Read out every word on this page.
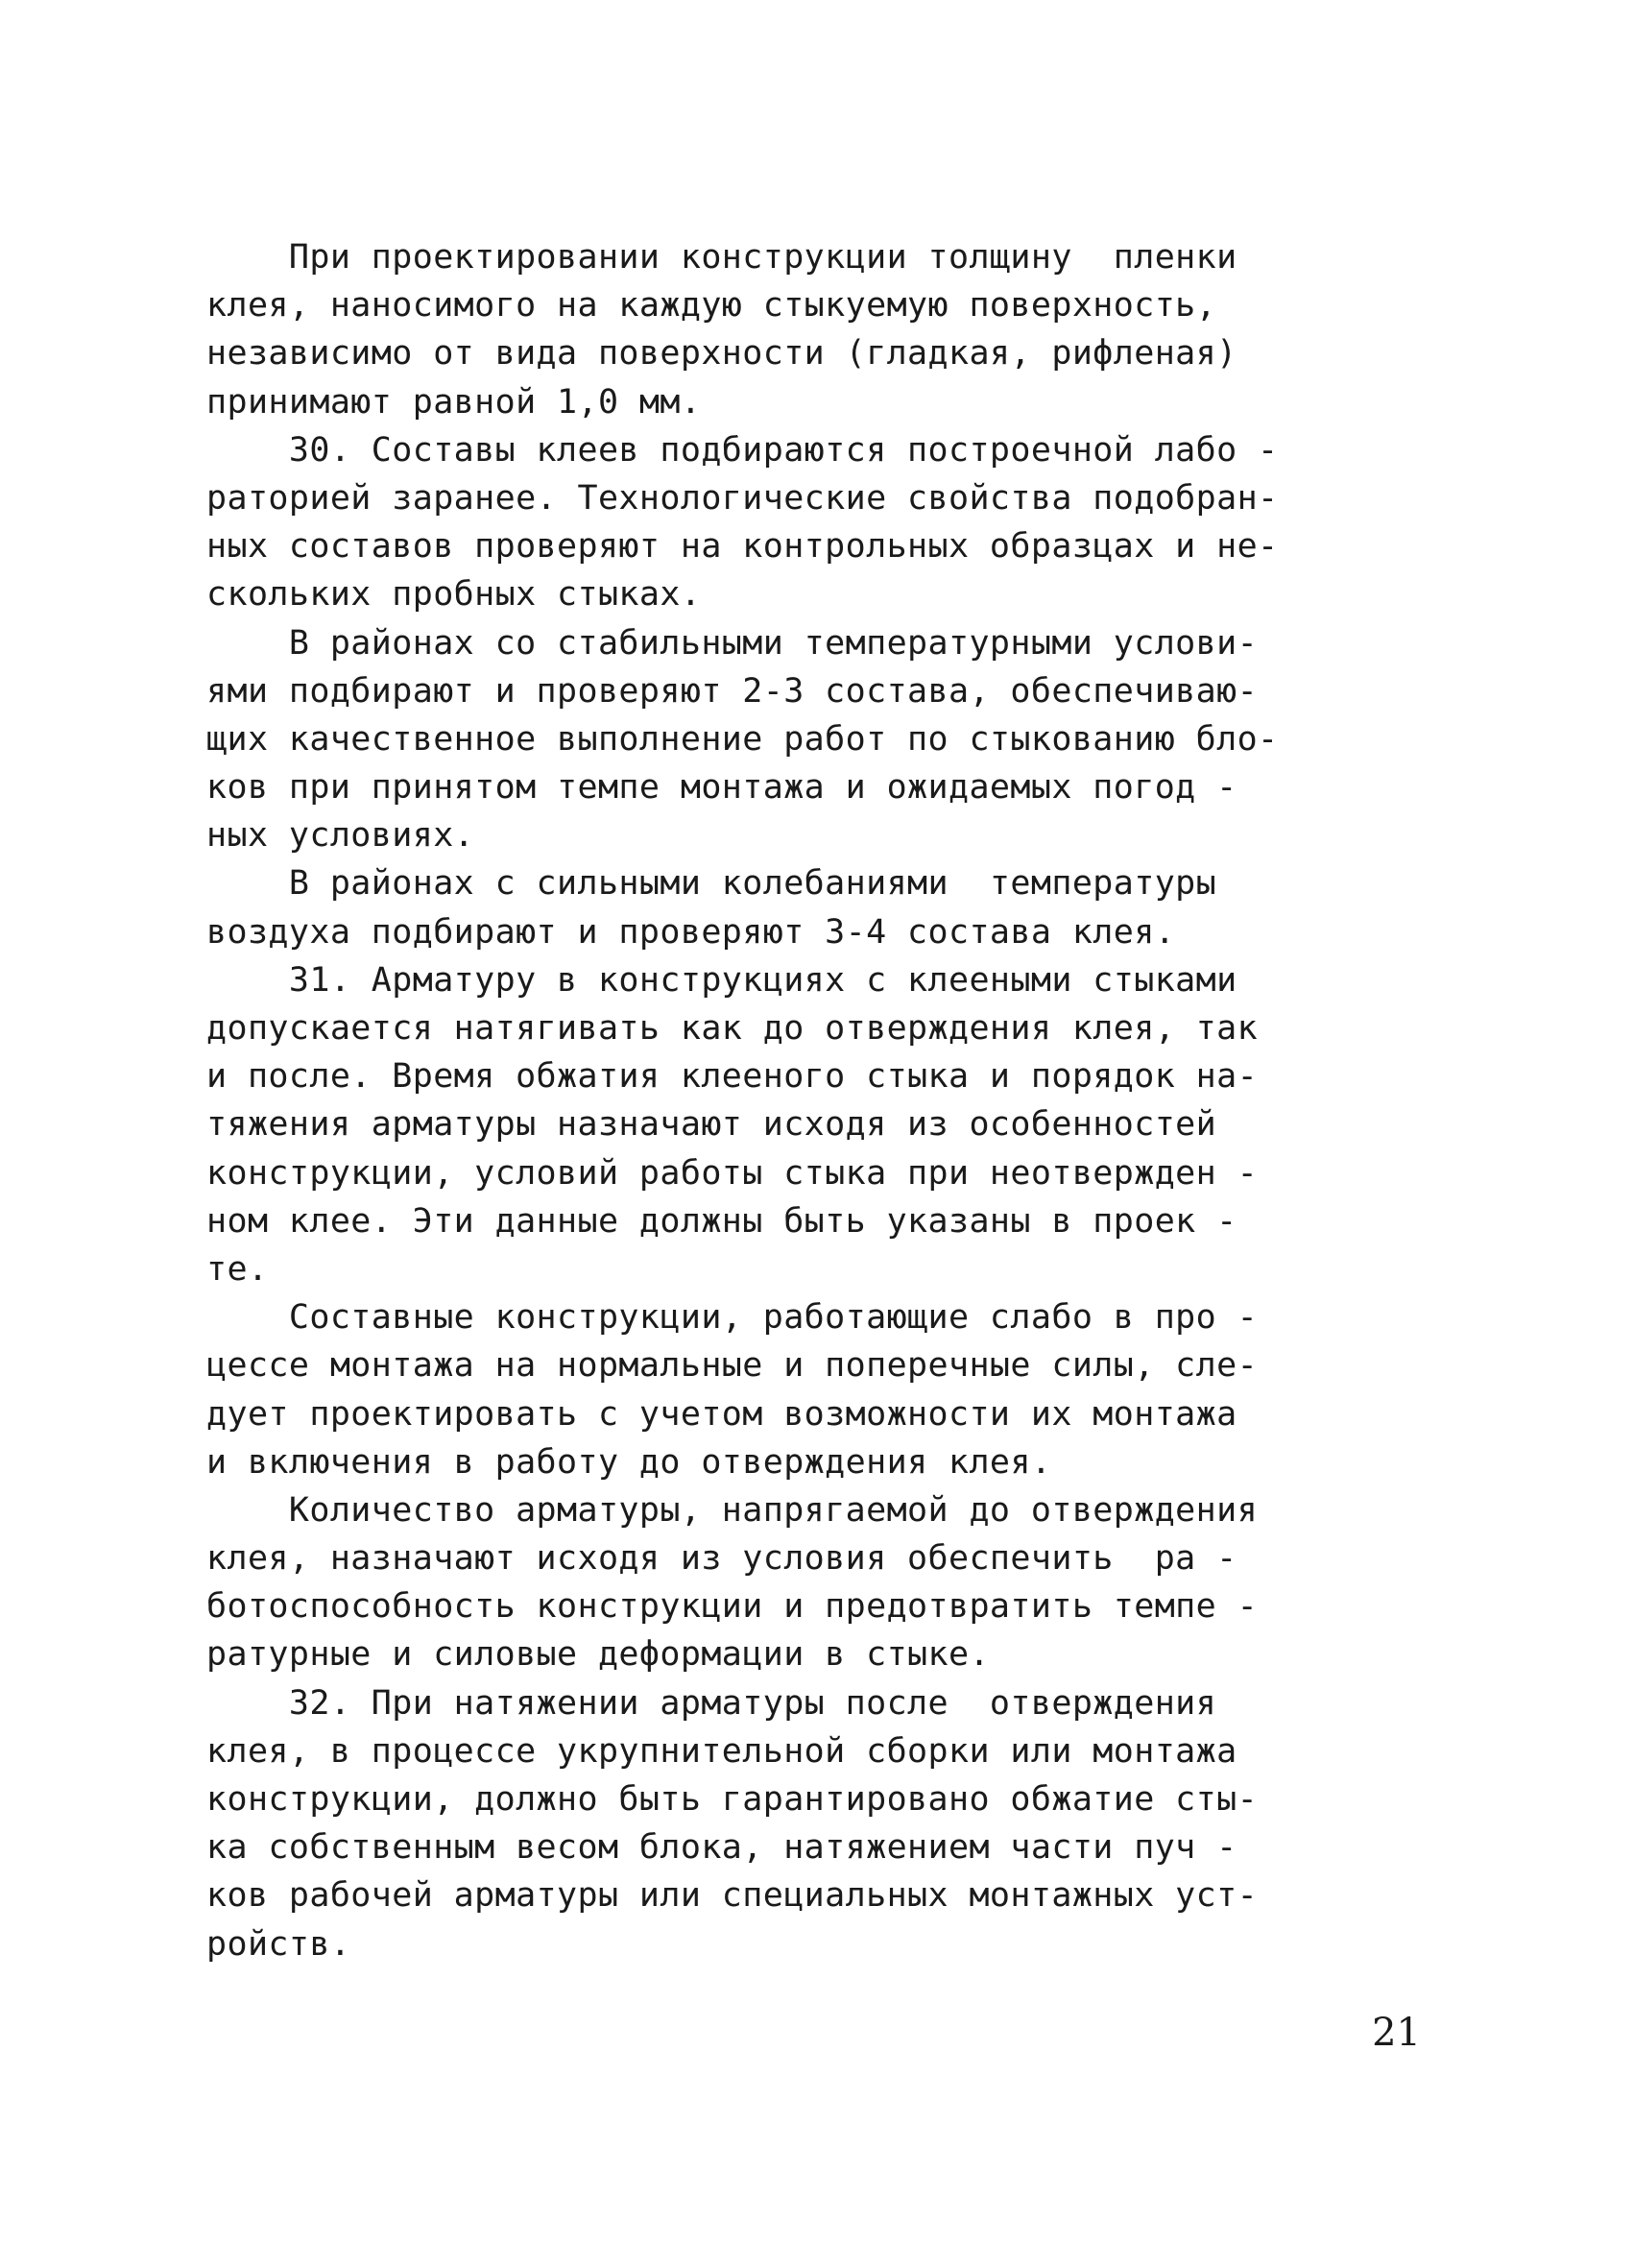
При проектировании конструкции толщину  пленки
клея, наносимого на каждую стыкуемую поверхность,
независимо от вида поверхности (гладкая, рифленая)
принимают равной 1,0 мм.
30. Составы клеев подбираются построечной лабо -
раторией заранее. Технологические свойства подобран-
ных составов проверяют на контрольных образцах и не-
скольких пробных стыках.
В районах со стабильными температурными услови-
ями подбирают и проверяют 2-3 состава, обеспечиваю-
щих качественное выполнение работ по стыкованию бло-
ков при принятом темпе монтажа и ожидаемых погод -
ных условиях.
В районах с сильными колебаниями  температуры
воздуха подбирают и проверяют 3-4 состава клея.
31. Арматуру в конструкциях с клееными стыками
допускается натягивать как до отверждения клея, так
и после. Время обжатия клееного стыка и порядок на-
тяжения арматуры назначают исходя из особенностей
конструкции, условий работы стыка при неотвержден -
ном клее. Эти данные должны быть указаны в проек -
те.
Составные конструкции, работающие слабо в про -
цессе монтажа на нормальные и поперечные силы, сле-
дует проектировать с учетом возможности их монтажа
и включения в работу до отверждения клея.
Количество арматуры, напрягаемой до отверждения
клея, назначают исходя из условия обеспечить  ра -
ботоспособность конструкции и предотвратить темпе -
ратурные и силовые деформации в стыке.
32. При натяжении арматуры после  отверждения
клея, в процессе укрупнительной сборки или монтажа
конструкции, должно быть гарантировано обжатие сты-
ка собственным весом блока, натяжением части пуч -
ков рабочей арматуры или специальных монтажных уст-
ройств.
21
